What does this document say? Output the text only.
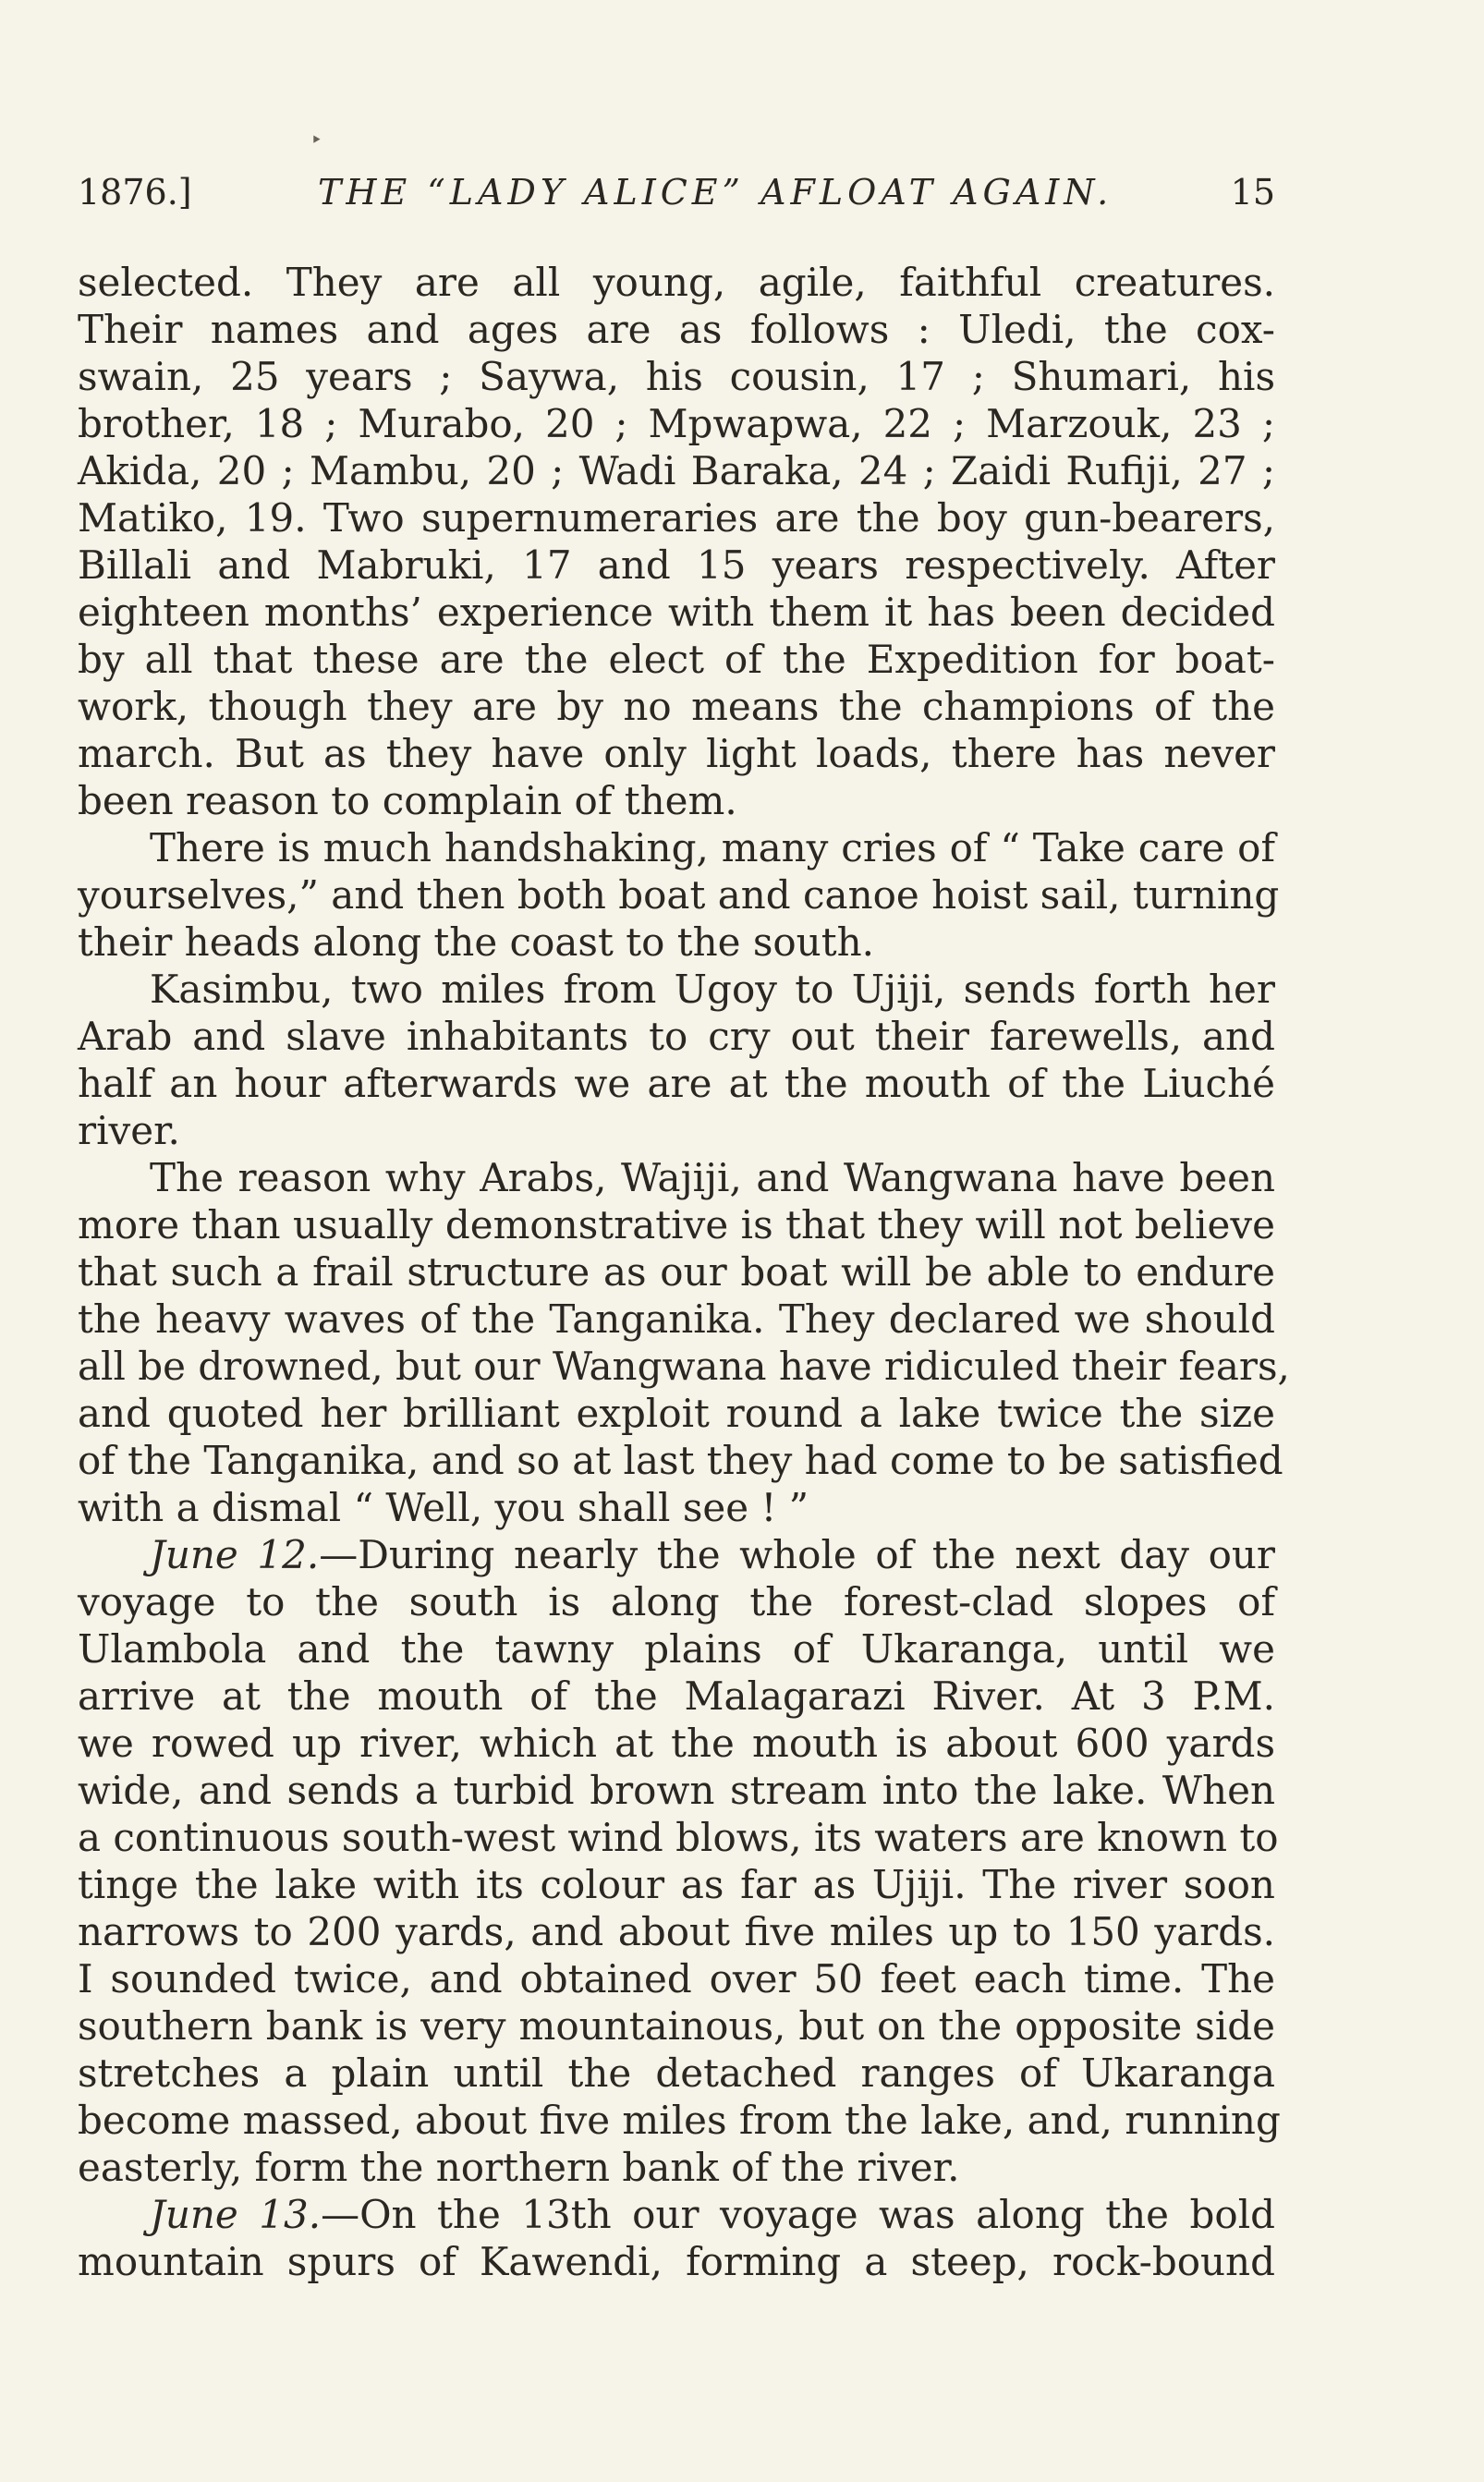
‣
1876.]	THE “LADY ALICE” AFLOAT AGAIN.	15
selected. They are all young, agile, faithful creatures.
Their names and ages are as follows : Uledi, the cox-
swain, 25 years ; Saywa, his cousin, 17 ; Shumari, his
brother, 18 ; Murabo, 20 ; Mpwapwa, 22 ; Marzouk, 23 ;
Akida, 20 ; Mambu, 20 ; Wadi Baraka, 24 ; Zaidi Rufiji, 27 ;
Matiko, 19. Two supernumeraries are the boy gun-bearers,
Billali and Mabruki, 17 and 15 years respectively. After
eighteen months’ experience with them it has been decided
by all that these are the elect of the Expedition for boat-
work, though they are by no means the champions of the
march. But as they have only light loads, there has never
been reason to complain of them.
There is much handshaking, many cries of “ Take care of
yourselves,” and then both boat and canoe hoist sail, turning
their heads along the coast to the south.
Kasimbu, two miles from Ugoy to Ujiji, sends forth her
Arab and slave inhabitants to cry out their farewells, and
half an hour afterwards we are at the mouth of the Liuché
river.
The reason why Arabs, Wajiji, and Wangwana have been
more than usually demonstrative is that they will not believe
that such a frail structure as our boat will be able to endure
the heavy waves of the Tanganika. They declared we should
all be drowned, but our Wangwana have ridiculed their fears,
and quoted her brilliant exploit round a lake twice the size
of the Tanganika, and so at last they had come to be satisfied
with a dismal “ Well, you shall see ! ”
June 12.—During nearly the whole of the next day our
voyage to the south is along the forest-clad slopes of
Ulambola and the tawny plains of Ukaranga, until we
arrive at the mouth of the Malagarazi River. At 3 P.M.
we rowed up river, which at the mouth is about 600 yards
wide, and sends a turbid brown stream into the lake. When
a continuous south-west wind blows, its waters are known to
tinge the lake with its colour as far as Ujiji. The river soon
narrows to 200 yards, and about five miles up to 150 yards.
I sounded twice, and obtained over 50 feet each time. The
southern bank is very mountainous, but on the opposite side
stretches a plain until the detached ranges of Ukaranga
become massed, about five miles from the lake, and, running
easterly, form the northern bank of the river.
June 13.—On the 13th our voyage was along the bold
mountain spurs of Kawendi, forming a steep, rock-bound
